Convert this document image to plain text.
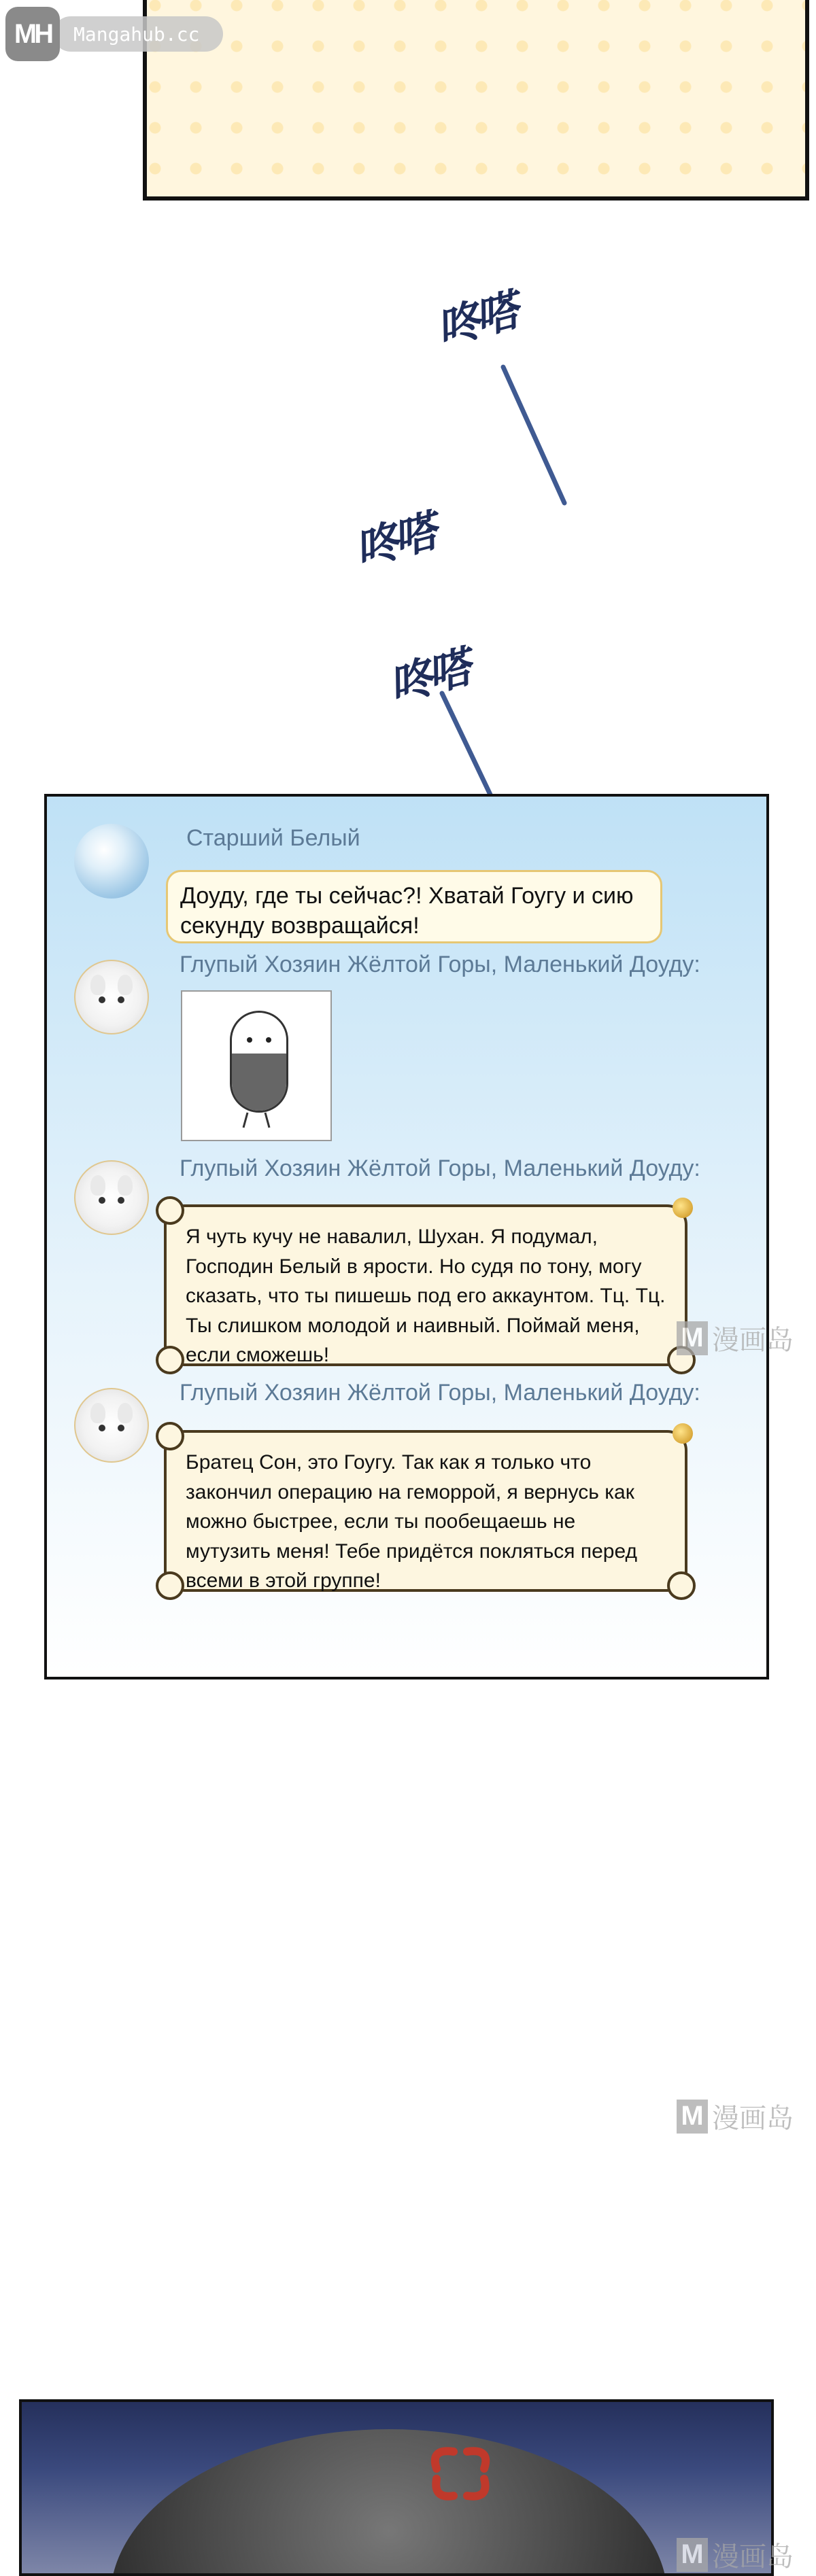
MH	Mangahub.cc
咚嗒
咚嗒
咚嗒
Старший Белый
Доуду, где ты сейчас?! Хватай Гоугу и сию секунду возвращайся!
Глупый Хозяин Жёлтой Горы, Маленький Доуду:
Глупый Хозяин Жёлтой Горы, Маленький Доуду:
Я чуть кучу не навалил, Шухан. Я подумал, Господин Белый в ярости. Но судя по тону, могу сказать, что ты пишешь под его аккаунтом. Тц. Тц. Ты слишком молодой и наивный. Поймай меня, если сможешь!
Глупый Хозяин Жёлтой Горы, Маленький Доуду:
Братец Сон, это Гоугу. Так как я только что закончил операцию на геморрой, я вернусь как можно быстрее, если ты пообещаешь не мутузить меня! Тебе придётся покляться перед всеми в этой группе!
M 漫画岛
M 漫画岛
M 漫画岛
